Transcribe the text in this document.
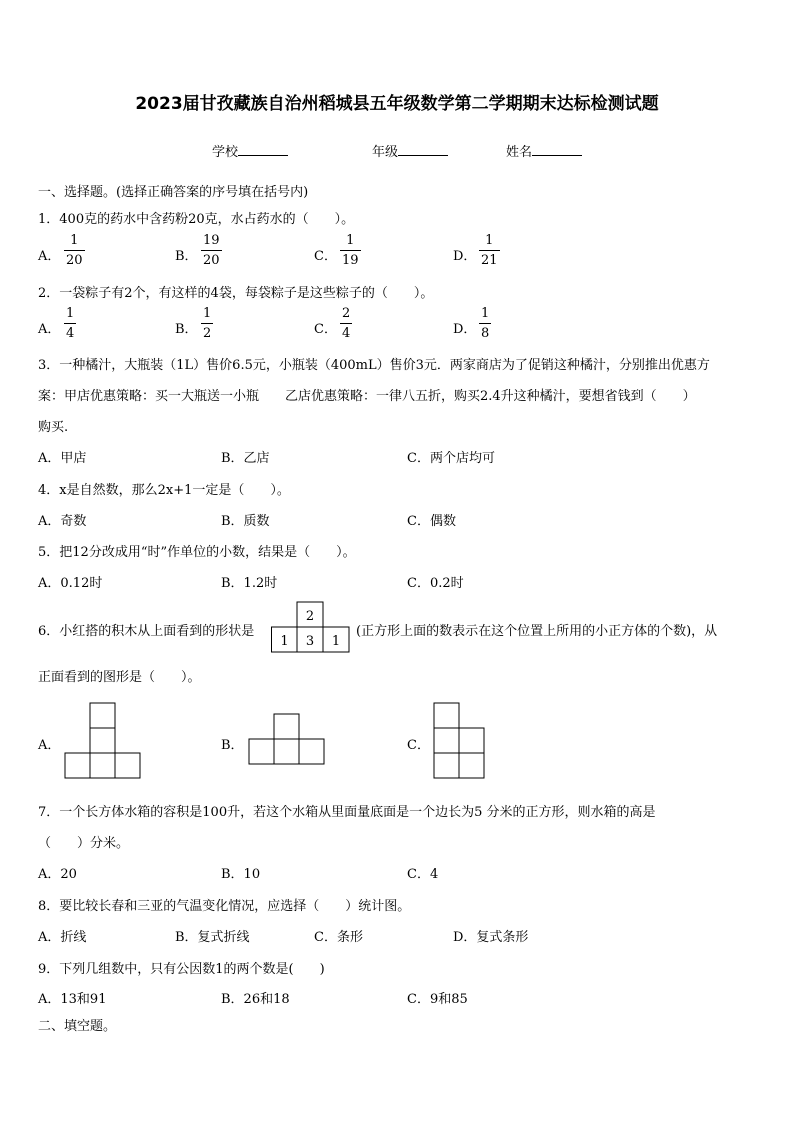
2023届甘孜藏族自治州稻城县五年级数学第二学期期末达标检测试题
学校	年级	姓名
一、选择题。(选择正确答案的序号填在括号内)
1．400克的药水中含药粉20克，水占药水的（　　）。
A．
1
20	B．
19
20	C．
1
19	D．
1
21
2．一袋粽子有2个，有这样的4袋，每袋粽子是这些粽子的（　　）。
A．
1
4	B．
1
2	C．
2
4	D．
1
8
3．一种橘汁，大瓶装（1L）售价6.5元，小瓶装（400mL）售价3元．两家商店为了促销这种橘汁，分别推出优惠方
案：甲店优惠策略：买一大瓶送一小瓶　　乙店优惠策略：一律八五折，购买2.4升这种橘汁，要想省钱到（　　）
购买.
A．甲店	B．乙店	C．两个店均可
4．x是自然数，那么2x+1一定是（　　）。
A．奇数	B．质数	C．偶数
5．把12分改成用“时”作单位的小数，结果是（　　）。
A．0.12时	B．1.2时	C．0.2时
6．小红搭的积木从上面看到的形状是
2
1 3 1
(正方形上面的数表示在这个位置上所用的小正方体的个数)，从
正面看到的图形是（　　）。
A．	B．	C．
7．一个长方体水箱的容积是100升，若这个水箱从里面量底面是一个边长为5 分米的正方形，则水箱的高是
（　　）分米。
A．20	B．10	C．4
8．要比较长春和三亚的气温变化情况，应选择（　　）统计图。
A．折线	B．复式折线	C．条形	D．复式条形
9．下列几组数中，只有公因数1的两个数是(　　)
A．13和91	B．26和18	C．9和85
二、填空题。
